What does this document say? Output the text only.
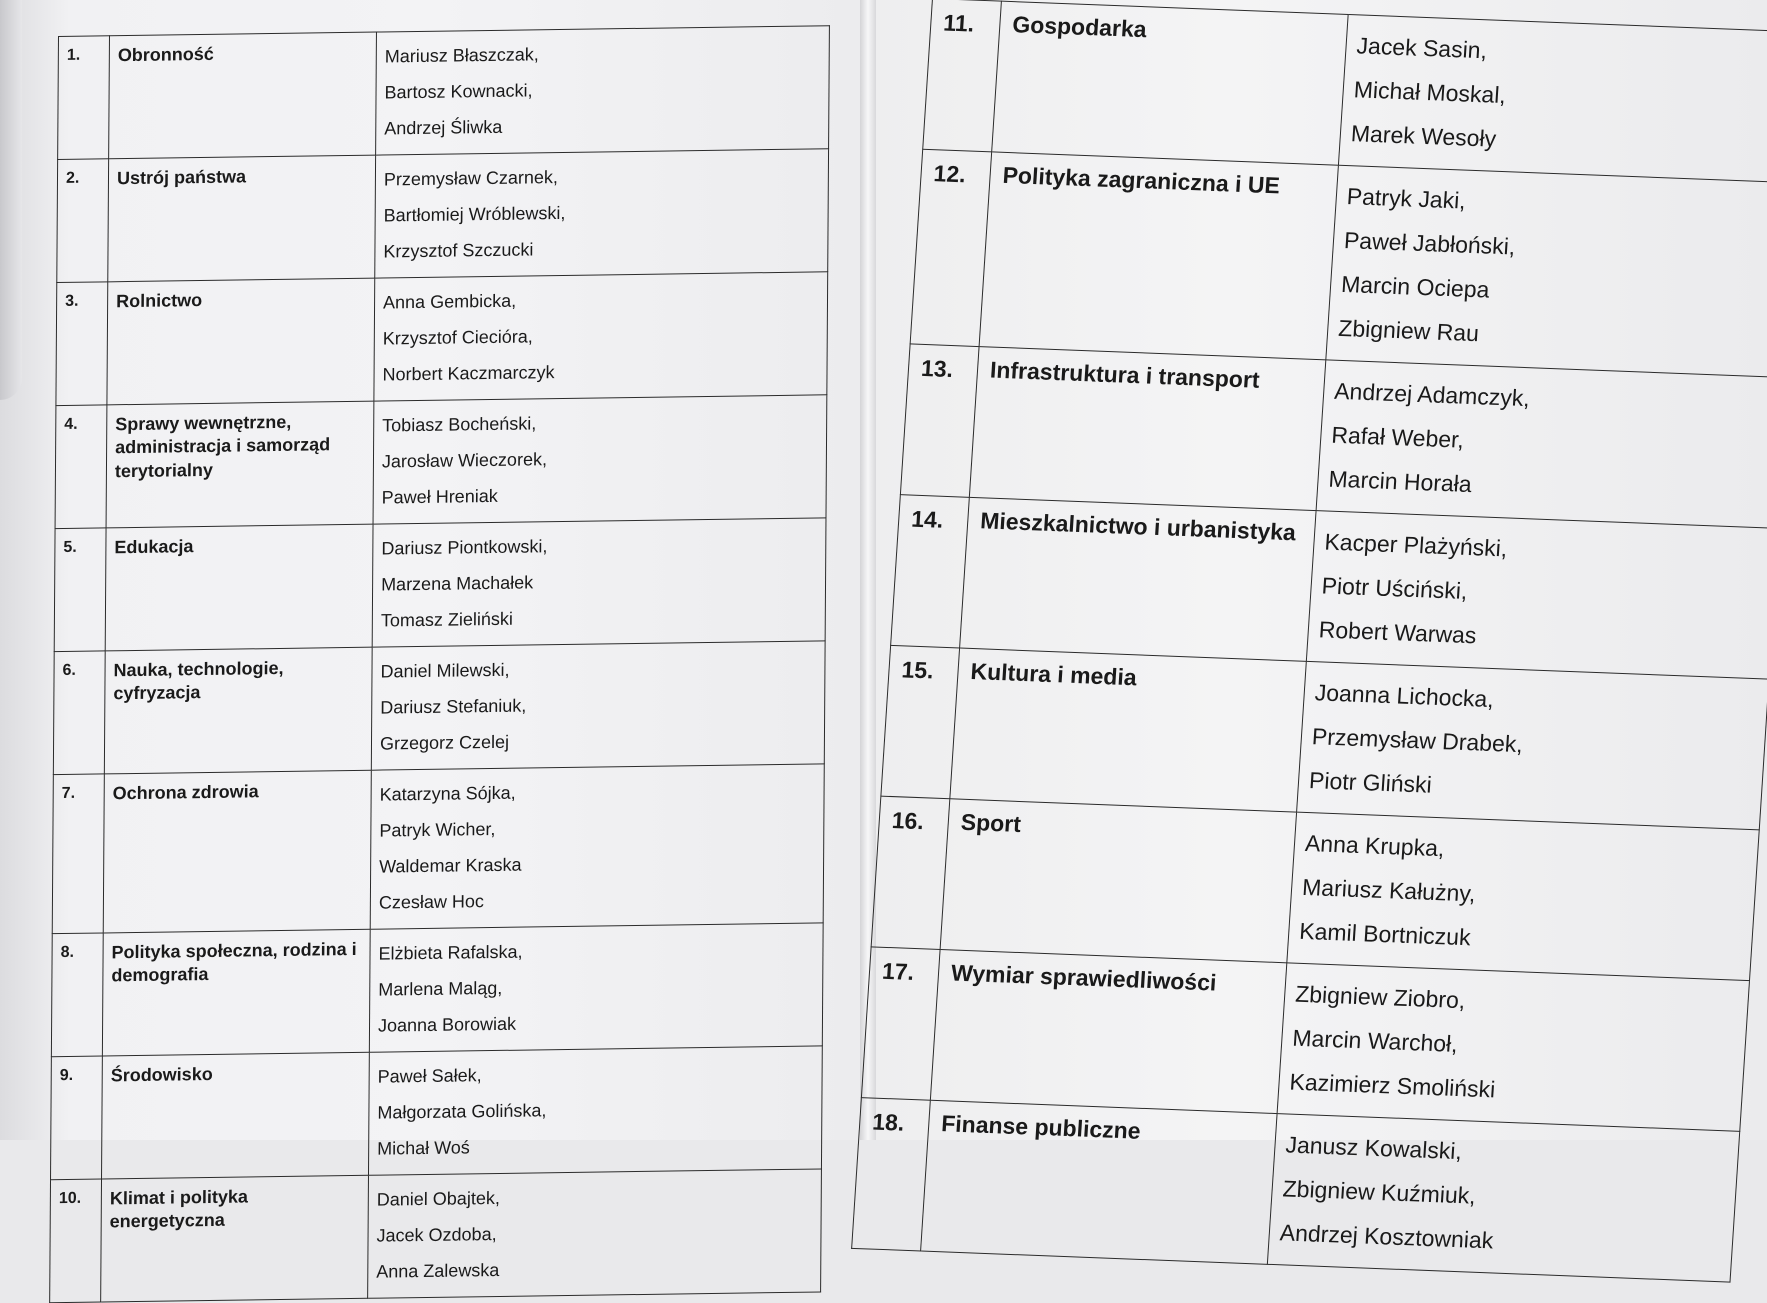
1.	Obronność	Mariusz Błaszczak,
Bartosz Kownacki,
Andrzej Śliwka

2.	Ustrój państwa	Przemysław Czarnek,
Bartłomiej Wróblewski,
Krzysztof Szczucki

3.	Rolnictwo	Anna Gembicka,
Krzysztof Ciecióra,
Norbert Kaczmarczyk

4.	Sprawy wewnętrzne, administracja i samorząd terytorialny	Tobiasz Bocheński,
Jarosław Wieczorek,
Paweł Hreniak

5.	Edukacja	Dariusz Piontkowski,
Marzena Machałek
Tomasz Zieliński

6.	Nauka, technologie, cyfryzacja	Daniel Milewski,
Dariusz Stefaniuk,
Grzegorz Czelej

7.	Ochrona zdrowia	Katarzyna Sójka,
Patryk Wicher,
Waldemar Kraska
Czesław Hoc

8.	Polityka społeczna, rodzina i demografia	Elżbieta Rafalska,
Marlena Maląg,
Joanna Borowiak

9.	Środowisko	Paweł Sałek,
Małgorzata Golińska,
Michał Woś

10.	Klimat i polityka energetyczna	Daniel Obajtek,
Jacek Ozdoba,
Anna Zalewska
11.	Gospodarka	Jacek Sasin,
Michał Moskal,
Marek Wesoły

12.	Polityka zagraniczna i UE	Patryk Jaki,
Paweł Jabłoński,
Marcin Ociepa
Zbigniew Rau

13.	Infrastruktura i transport	Andrzej Adamczyk,
Rafał Weber,
Marcin Horała

14.	Mieszkalnictwo i urbanistyka	Kacper Plażyński,
Piotr Uściński,
Robert Warwas

15.	Kultura i media	Joanna Lichocka,
Przemysław Drabek,
Piotr Gliński

16.	Sport	Anna Krupka,
Mariusz Kałużny,
Kamil Bortniczuk

17.	Wymiar sprawiedliwości	Zbigniew Ziobro,
Marcin Warchoł,
Kazimierz Smoliński

18.	Finanse publiczne	Janusz Kowalski,
Zbigniew Kuźmiuk,
Andrzej Kosztowniak
